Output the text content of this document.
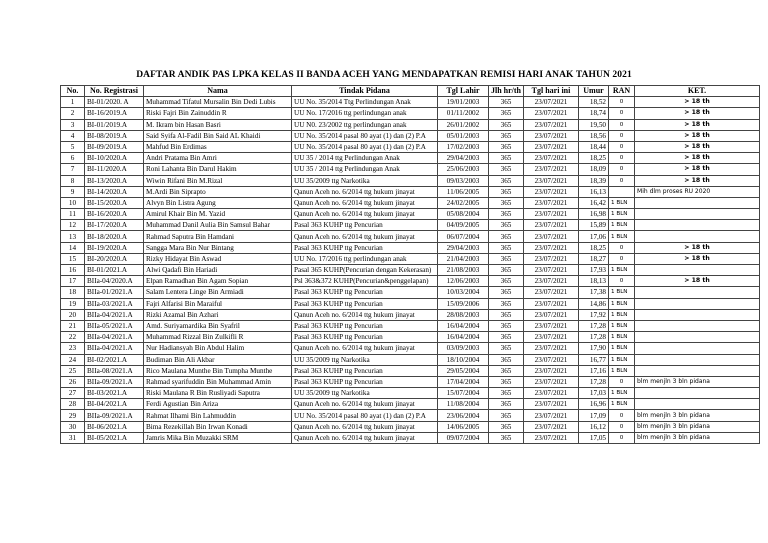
DAFTAR ANDIK PAS LPKA KELAS II BANDA ACEH YANG MENDAPATKAN REMISI HARI ANAK TAHUN 2021
No.	No. Registrasi	Nama	Tindak Pidana	Tgl Lahir	Jlh hr/th	Tgl hari ini	Umur	RAN	KET.
1	BI-01/2020. A	Muhammad Tifatul Mursalin Bin Dedi Lubis	UU No. 35/2014 Ttg Perlindungan Anak	19/01/2003	365	23/07/2021	18,52	0	> 18 th
2	BI-16/2019.A	Riski Fajri Bin Zainuddin R	UU No. 17/2016 ttg perlindungan anak	01/11/2002	365	23/07/2021	18,74	0	> 18 th
3	BI-01/2019.A	M. Ikram bin Hasan Basri	UU N0. 23/2002 ttg perlindungan anak	26/01/2002	365	23/07/2021	19,50	0	> 18 th
4	BI-08/2019.A	Said Syifa Al-Fadil Bin Said AL Khaidi	UU No. 35/2014 pasal 80 ayat (1) dan (2) P.A	05/01/2003	365	23/07/2021	18,56	0	> 18 th
5	BI-09/2019.A	Mahfud Bin Erdimas	UU No. 35/2014 pasal 80 ayat (1) dan (2) P.A	17/02/2003	365	23/07/2021	18,44	0	> 18 th
6	BI-10/2020.A	Andri Pratama Bin Amri	UU 35 / 2014 ttg Perlindungan Anak	29/04/2003	365	23/07/2021	18,25	0	> 18 th
7	BI-11/2020.A	Roni Lahanta Bin Darul Hakim	UU 35 / 2014 ttg Perlindungan Anak	25/06/2003	365	23/07/2021	18,09	0	> 18 th
8	BI-13/2020.A	Wiwin Rifani Bin M.Rizal	UU 35/2009 ttg Narkotika	09/03/2003	365	23/07/2021	18,39	0	> 18 th
9	BI-14/2020.A	M.Ardi Bin Siprapto	Qanun Aceh no. 6/2014 ttg hukum jinayat	11/06/2005	365	23/07/2021	16,13		Mih dlm proses RU 2020
10	BI-15/2020.A	Alvyn Bin Listra Agung	Qanun Aceh no. 6/2014 ttg hukum jinayat	24/02/2005	365	23/07/2021	16,42	1 BLN	
11	BI-16/2020.A	Amirul Khair Bin M. Yazid	Qanun Aceh no. 6/2014 ttg hukum jinayat	05/08/2004	365	23/07/2021	16,98	1 BLN	
12	BI-17/2020.A	Muhammad Danil Aulia Bin Samsul Bahar	Pasal 363 KUHP ttg Pencurian	04/09/2005	365	23/07/2021	15,89	1 BLN	
13	BI-18/2020.A	Rahmad Saputra Bin Hamdani	Qanun Aceh no. 6/2014 ttg hukum jinayat	06/07/2004	365	23/07/2021	17,06	1 BLN	
14	BI-19/2020.A	Sangga Mara Bin Nur Bintang	Pasal 363 KUHP ttg Pencurian	29/04/2003	365	23/07/2021	18,25	0	> 18 th
15	BI-20/2020.A	Rizky Hidayat Bin Aswad	UU No. 17/2016 ttg perlindungan anak	21/04/2003	365	23/07/2021	18,27	0	> 18 th
16	BI-01/2021.A	Alwi Qadafi Bin Hariadi	Pasal 365 KUHP(Pencurian dengan Kekerasan)	21/08/2003	365	23/07/2021	17,93	1 BLN	
17	BIIa-04/2020.A	Elpan Ramadhan Bin Agam Sopian	Psl 363&372 KUHP(Pencurian&penggelapan)	12/06/2003	365	23/07/2021	18,13	0	> 18 th
18	BIIa-01/2021.A	Salam Lentera Linge Bin Armiadi	Pasal 363 KUHP ttg Pencurian	10/03/2004	365	23/07/2021	17,38	1 BLN	
19	BIIa-03/2021.A	Fajri Alfarisi Bin Maraiful	Pasal 363 KUHP ttg Pencurian	15/09/2006	365	23/07/2021	14,86	1 BLN	
20	BIIa-04/2021.A	Rizki Azamal Bin Azhari	Qanun Aceh no. 6/2014 ttg hukum jinayat	28/08/2003	365	23/07/2021	17,92	1 BLN	
21	BIIa-05/2021.A	Amd. Suriyamardika Bin Syafril	Pasal 363 KUHP ttg Pencurian	16/04/2004	365	23/07/2021	17,28	1 BLN	
22	BIIa-04/2021.A	Muhammad Rizzal Bin Zulkifli R	Pasal 363 KUHP ttg Pencurian	16/04/2004	365	23/07/2021	17,28	1 BLN	
23	BIIa-04/2021.A	Nur Hadiansyah Bin Abdul Halim	Qanun Aceh no. 6/2014 ttg hukum jinayat	03/09/2003	365	23/07/2021	17,90	1 BLN	
24	BI-02/2021.A	Budiman Bin Ali Akbar	UU 35/2009 ttg Narkotika	18/10/2004	365	23/07/2021	16,77	1 BLN	
25	BIIa-08/2021.A	Rico Maulana Munthe Bin Tumpha Munthe	Pasal 363 KUHP ttg Pencurian	29/05/2004	365	23/07/2021	17,16	1 BLN	
26	BIIa-09/2021.A	Rahmad syarifuddin Bin Muhammad Amin	Pasal 363 KUHP ttg Pencurian	17/04/2004	365	23/07/2021	17,28	0	blm menjln 3 bln pidana
27	BI-03/2021.A	Riski Maulana R Bin Rusliyadi Saputra	UU 35/2009 ttg Narkotika	15/07/2004	365	23/07/2021	17,03	1 BLN	
28	BI-04/2021.A	Ferdi Agustian Bin Ariza	Qanun Aceh no. 6/2014 ttg hukum jinayat	11/08/2004	365	23/07/2021	16,96	1 BLN	
29	BIIa-09/2021.A	Rahmat Ilhami Bin Lahmuddin	UU No. 35/2014 pasal 80 ayat (1) dan (2) P.A	23/06/2004	365	23/07/2021	17,09	0	blm menjln 3 bln pidana
30	BI-06/2021.A	Bima Rezekillah Bin Irwan Konadi	Qanun Aceh no. 6/2014 ttg hukum jinayat	14/06/2005	365	23/07/2021	16,12	0	blm menjln 3 bln pidana
31	BI-05/2021.A	Jamris Mika Bin Muzakki SRM	Qanun Aceh no. 6/2014 ttg hukum jinayat	09/07/2004	365	23/07/2021	17,05	0	blm menjln 3 bln pidana
